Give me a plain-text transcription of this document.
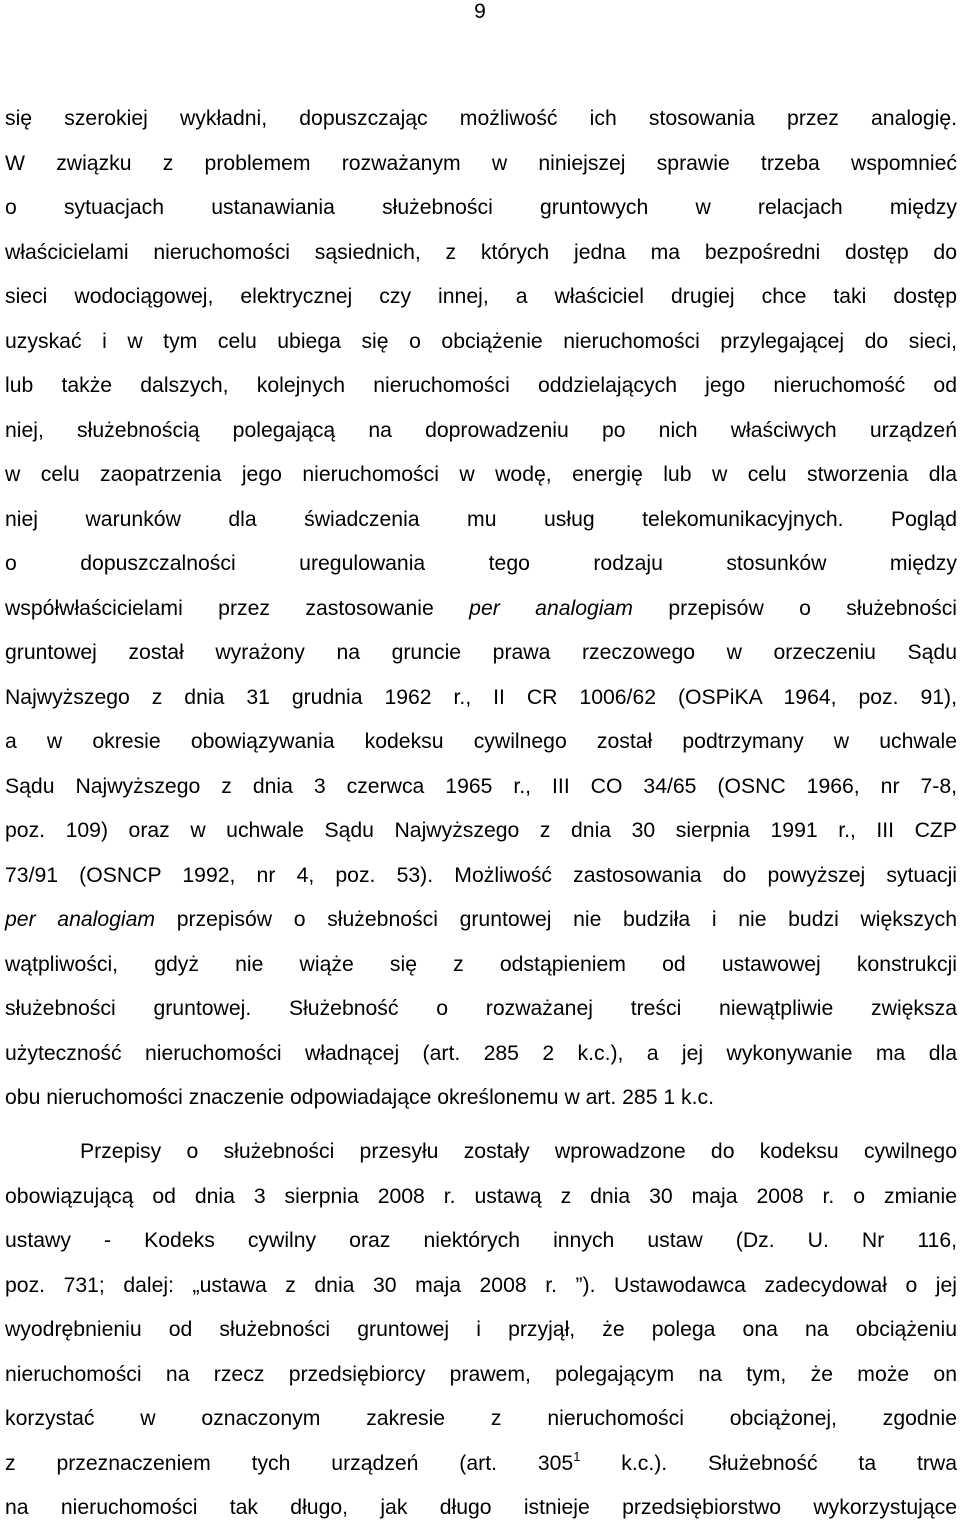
9
się szerokiej wykładni, dopuszczając możliwość ich stosowania przez analogię.
W związku z problemem rozważanym w niniejszej sprawie trzeba wspomnieć
o sytuacjach ustanawiania służebności gruntowych w relacjach między
właścicielami nieruchomości sąsiednich, z których jedna ma bezpośredni dostęp do
sieci wodociągowej, elektrycznej czy innej, a właściciel drugiej chce taki dostęp
uzyskać i w tym celu ubiega się o obciążenie nieruchomości przylegającej do sieci,
lub także dalszych, kolejnych nieruchomości oddzielających jego nieruchomość od
niej, służebnością polegającą na doprowadzeniu po nich właściwych urządzeń
w celu zaopatrzenia jego nieruchomości w wodę, energię lub w celu stworzenia dla
niej warunków dla świadczenia mu usług telekomunikacyjnych. Pogląd
o dopuszczalności uregulowania tego rodzaju stosunków między
współwłaścicielami przez zastosowanie per analogiam przepisów o służebności
gruntowej został wyrażony na gruncie prawa rzeczowego w orzeczeniu Sądu
Najwyższego z dnia 31 grudnia 1962 r., II CR 1006/62 (OSPiKA 1964, poz. 91),
a w okresie obowiązywania kodeksu cywilnego został podtrzymany w uchwale
Sądu Najwyższego z dnia 3 czerwca 1965 r., III CO 34/65 (OSNC 1966, nr 7-8,
poz. 109) oraz w uchwale Sądu Najwyższego z dnia 30 sierpnia 1991 r., III CZP
73/91 (OSNCP 1992, nr 4, poz. 53). Możliwość zastosowania do powyższej sytuacji
per analogiam przepisów o służebności gruntowej nie budziła i nie budzi większych
wątpliwości, gdyż nie wiąże się z odstąpieniem od ustawowej konstrukcji
służebności gruntowej. Służebność o rozważanej treści niewątpliwie zwiększa
użyteczność nieruchomości władnącej (art. 285 2 k.c.), a jej wykonywanie ma dla
obu nieruchomości znaczenie odpowiadające określonemu w art. 285 1 k.c.
Przepisy o służebności przesyłu zostały wprowadzone do kodeksu cywilnego
obowiązującą od dnia 3 sierpnia 2008 r. ustawą z dnia 30 maja 2008 r. o zmianie
ustawy - Kodeks cywilny oraz niektórych innych ustaw (Dz. U. Nr 116,
poz. 731; dalej: „ustawa z dnia 30 maja 2008 r. ”). Ustawodawca zadecydował o jej
wyodrębnieniu od służebności gruntowej i przyjął, że polega ona na obciążeniu
nieruchomości na rzecz przedsiębiorcy prawem, polegającym na tym, że może on
korzystać w oznaczonym zakresie z nieruchomości obciążonej, zgodnie
z przeznaczeniem tych urządzeń (art. $305^1$ k.c.). Służebność ta trwa
na nieruchomości tak długo, jak długo istnieje przedsiębiorstwo wykorzystujące
